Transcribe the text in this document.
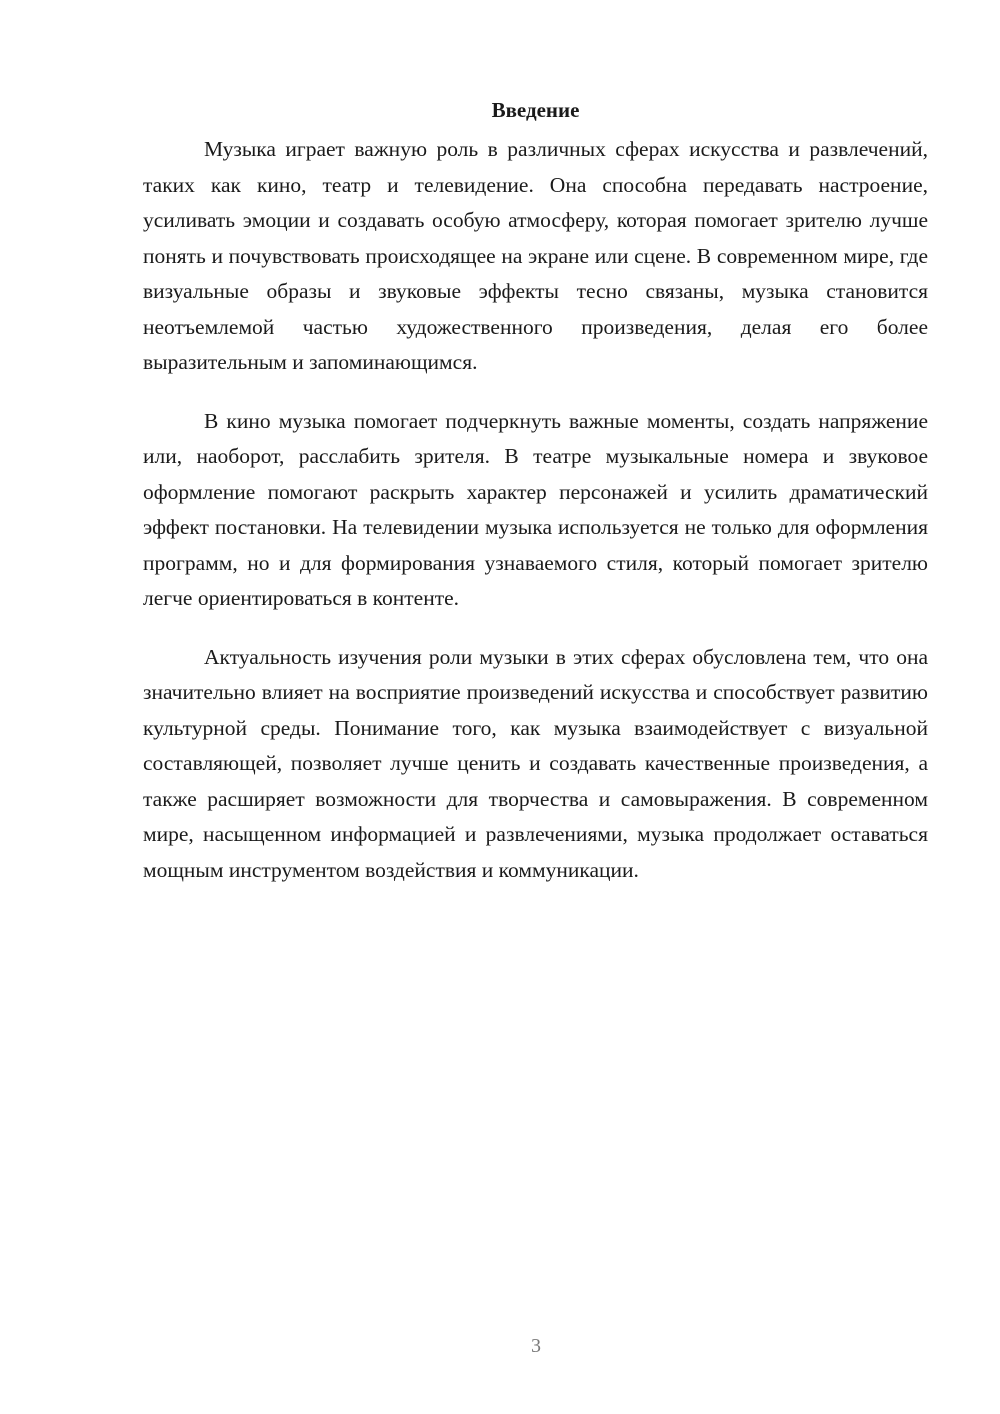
Введение

Музыка играет важную роль в различных сферах искусства и развлечений, таких как кино, театр и телевидение. Она способна передавать настроение, усиливать эмоции и создавать особую атмосферу, которая помогает зрителю лучше понять и почувствовать происходящее на экране или сцене. В современном мире, где визуальные образы и звуковые эффекты тесно связаны, музыка становится неотъемлемой частью художественного произведения, делая его более выразительным и запоминающимся.

В кино музыка помогает подчеркнуть важные моменты, создать напряжение или, наоборот, расслабить зрителя. В театре музыкальные номера и звуковое оформление помогают раскрыть характер персонажей и усилить драматический эффект постановки. На телевидении музыка используется не только для оформления программ, но и для формирования узнаваемого стиля, который помогает зрителю легче ориентироваться в контенте.

Актуальность изучения роли музыки в этих сферах обусловлена тем, что она значительно влияет на восприятие произведений искусства и способствует развитию культурной среды. Понимание того, как музыка взаимодействует с визуальной составляющей, позволяет лучше ценить и создавать качественные произведения, а также расширяет возможности для творчества и самовыражения. В современном мире, насыщенном информацией и развлечениями, музыка продолжает оставаться мощным инструментом воздействия и коммуникации.

3
